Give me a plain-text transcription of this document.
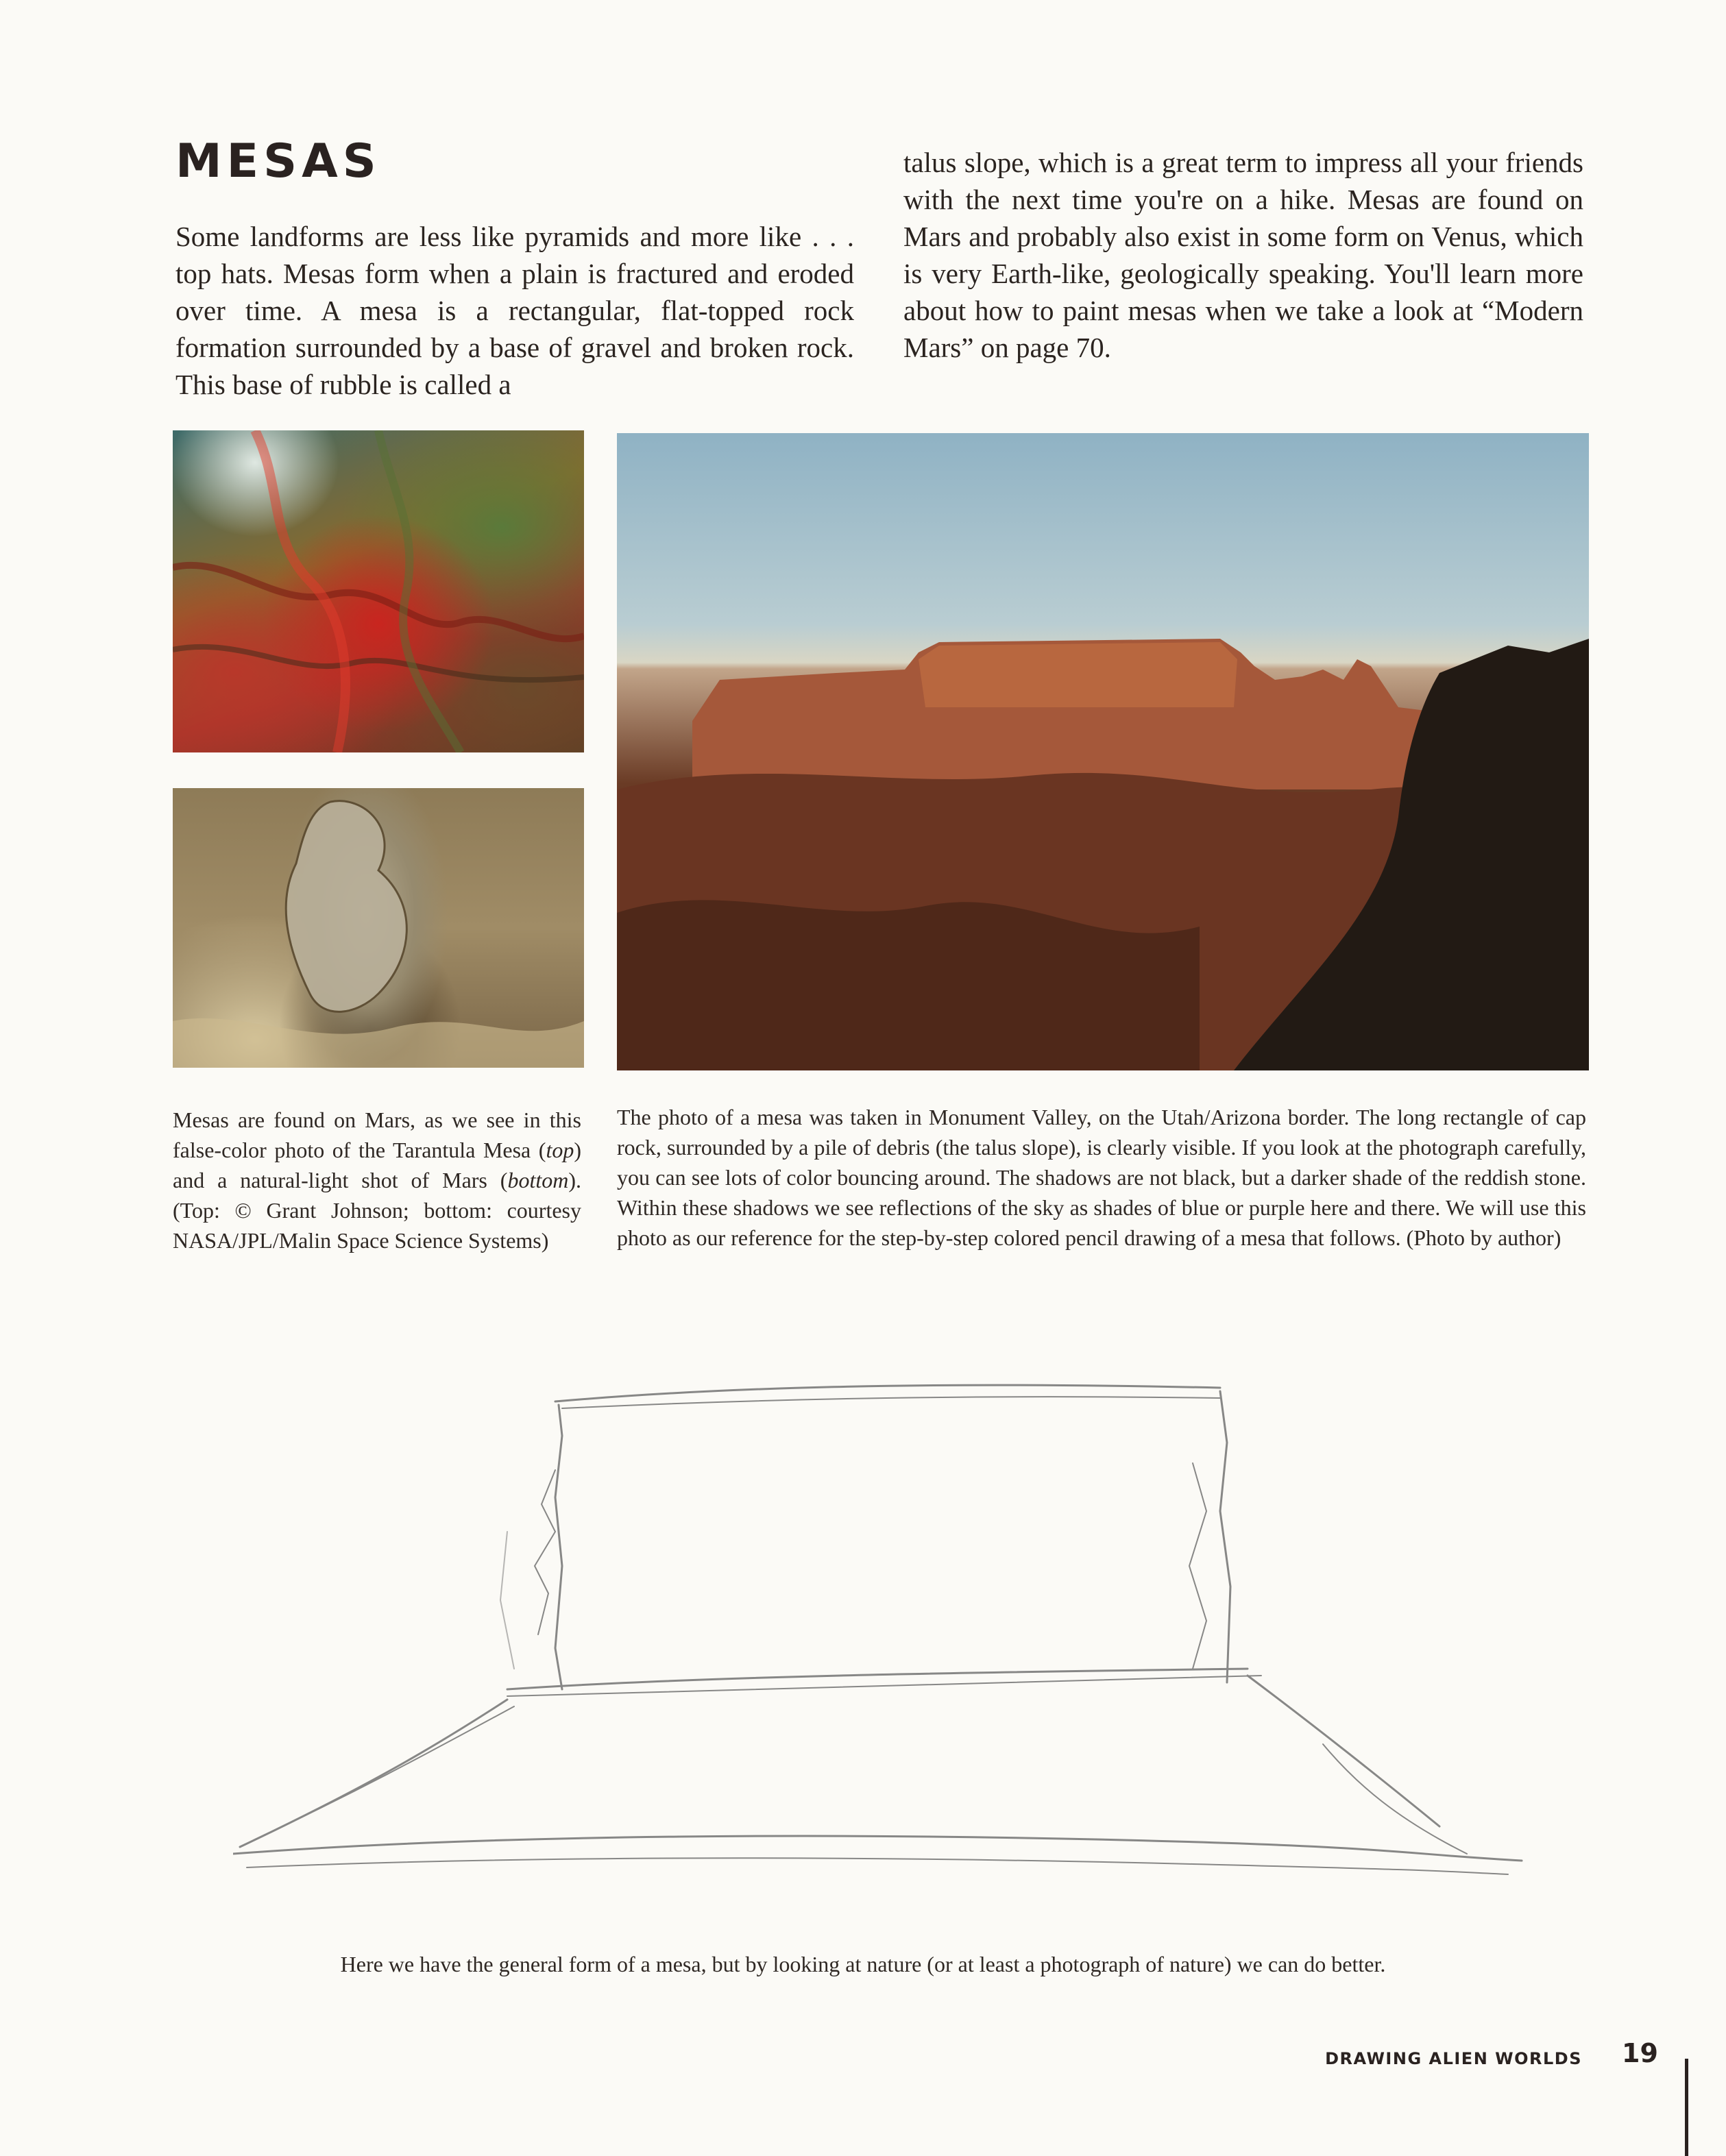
MESAS

Some landforms are less like pyramids and more like . . . top hats. Mesas form when a plain is fractured and eroded over time. A mesa is a rectangular, flat-topped rock formation surrounded by a base of gravel and broken rock. This base of rubble is called a

talus slope, which is a great term to impress all your friends with the next time you're on a hike. Mesas are found on Mars and probably also exist in some form on Venus, which is very Earth-like, geologically speaking. You'll learn more about how to paint mesas when we take a look at “Modern Mars” on page 70.

Mesas are found on Mars, as we see in this false-color photo of the Tarantula Mesa (top) and a natural-light shot of Mars (bottom). (Top: © Grant Johnson; bottom: courtesy NASA/JPL/Malin Space Science Systems)

The photo of a mesa was taken in Monument Valley, on the Utah/Arizona border. The long rectangle of cap rock, surrounded by a pile of debris (the talus slope), is clearly visible. If you look at the photograph carefully, you can see lots of color bouncing around. The shadows are not black, but a darker shade of the reddish stone. Within these shadows we see reflections of the sky as shades of blue or purple here and there. We will use this photo as our reference for the step-by-step colored pencil drawing of a mesa that follows. (Photo by author)

Here we have the general form of a mesa, but by looking at nature (or at least a photograph of nature) we can do better.

DRAWING ALIEN WORLDS 19
